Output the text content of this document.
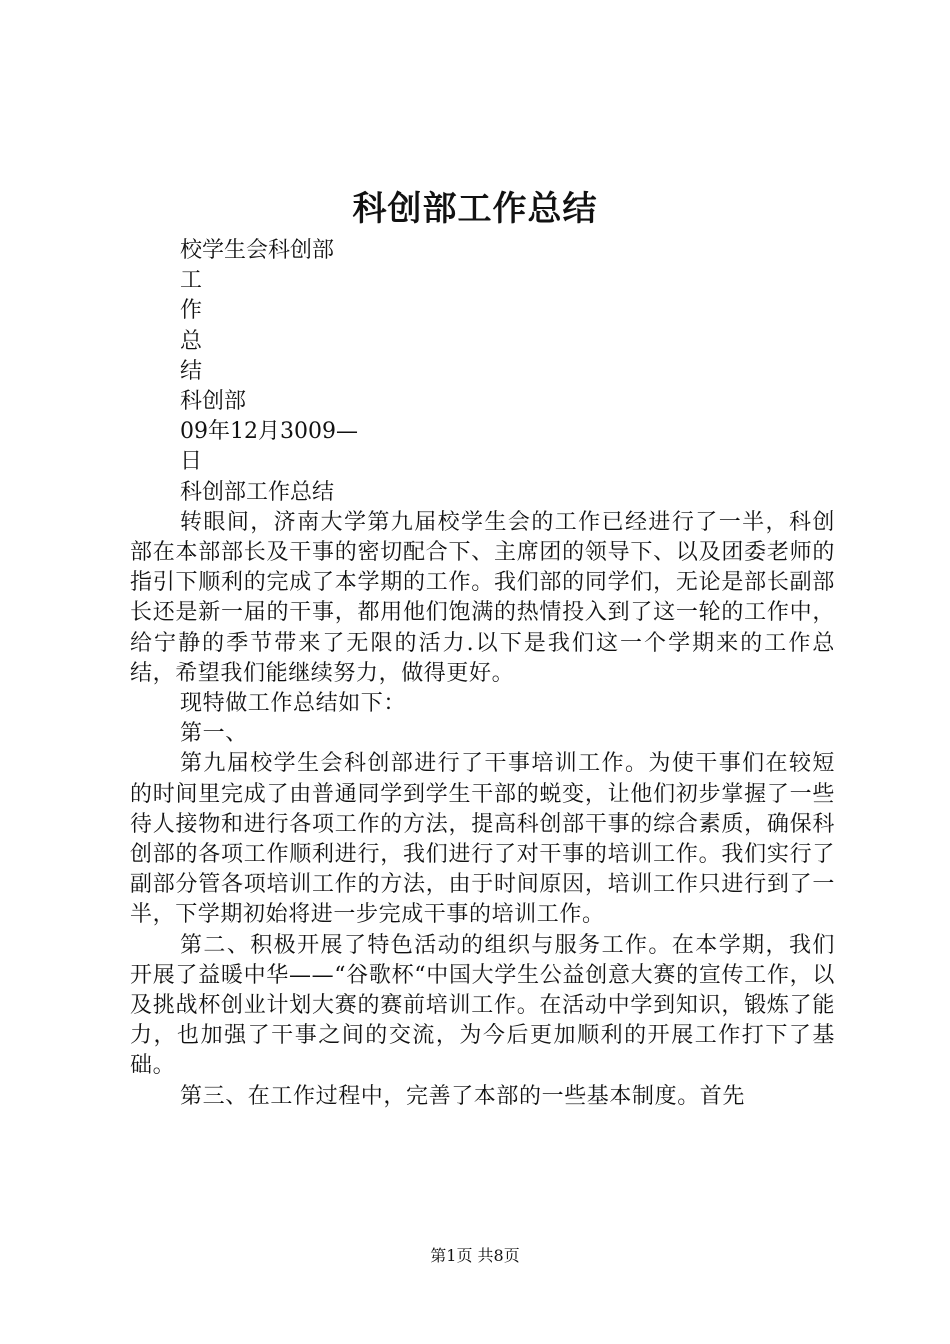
科创部工作总结

校学生会科创部

工

作

总

结

科创部

09年12月3009—

日

科创部工作总结

转眼间，济南大学第九届校学生会的工作已经进行了一半，科创部在本部部长及干事的密切配合下、主席团的领导下、以及团委老师的指引下顺利的完成了本学期的工作。我们部的同学们，无论是部长副部长还是新一届的干事，都用他们饱满的热情投入到了这一轮的工作中，给宁静的季节带来了无限的活力.以下是我们这一个学期来的工作总结，希望我们能继续努力，做得更好。

现特做工作总结如下：

第一、

第九届校学生会科创部进行了干事培训工作。为使干事们在较短的时间里完成了由普通同学到学生干部的蜕变，让他们初步掌握了一些待人接物和进行各项工作的方法，提高科创部干事的综合素质，确保科创部的各项工作顺利进行，我们进行了对干事的培训工作。我们实行了副部分管各项培训工作的方法，由于时间原因，培训工作只进行到了一半，下学期初始将进一步完成干事的培训工作。

第二、积极开展了特色活动的组织与服务工作。在本学期，我们开展了益暖中华——“谷歌杯“中国大学生公益创意大赛的宣传工作，以及挑战杯创业计划大赛的赛前培训工作。在活动中学到知识，锻炼了能力，也加强了干事之间的交流，为今后更加顺利的开展工作打下了基础。

第三、在工作过程中，完善了本部的一些基本制度。首先

第1页 共8页
